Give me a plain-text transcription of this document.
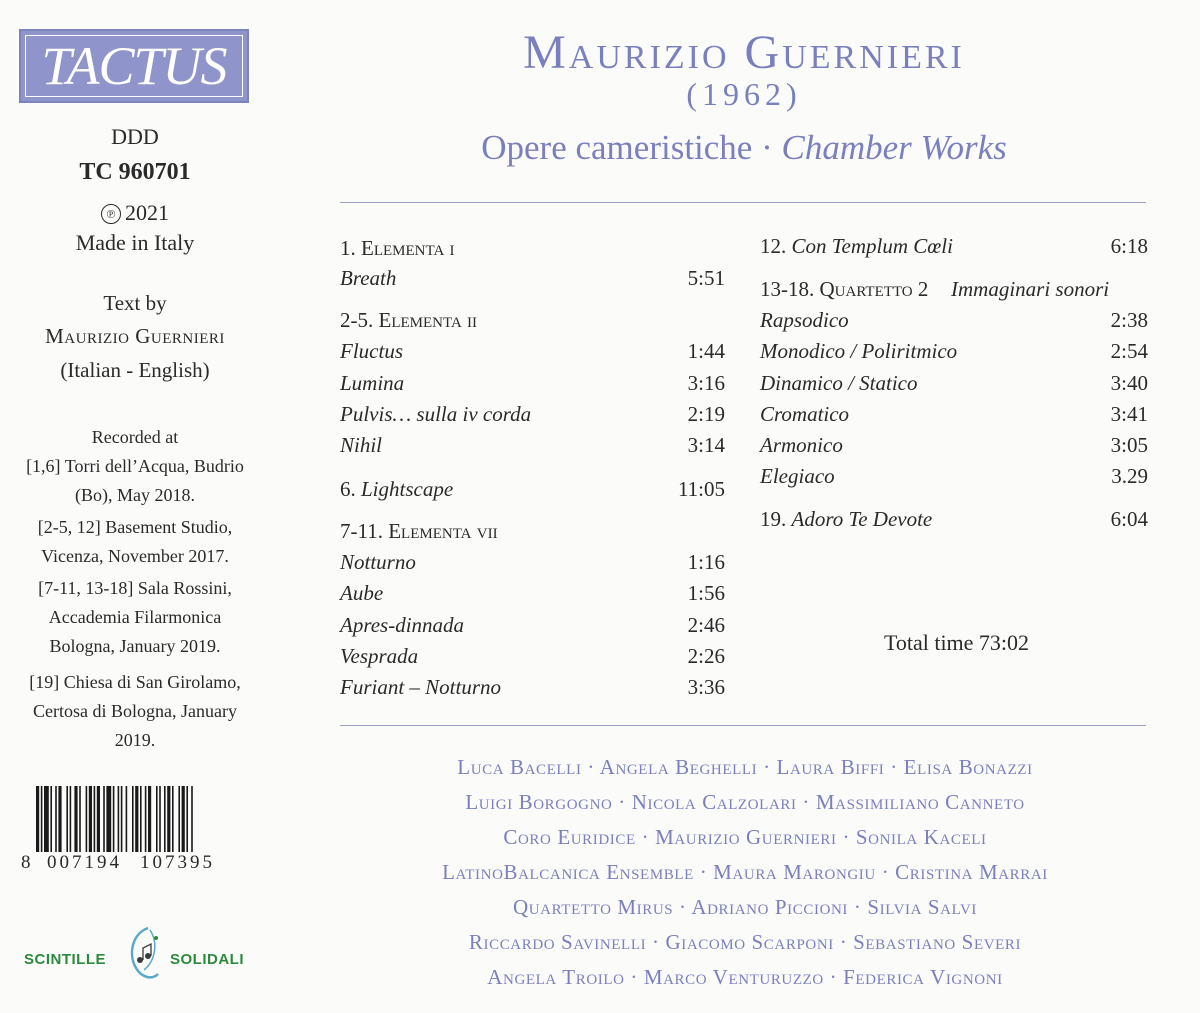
TACTUS
DDD
TC 960701
℗ 2021
Made in Italy
Text by
Maurizio Guernieri
(Italian - English)
Recorded at
[1,6] Torri dell’Acqua, Budrio (Bo), May 2018.
[2-5, 12] Basement Studio, Vicenza, November 2017.
[7-11, 13-18] Sala Rossini, Accademia Filarmonica Bologna, January 2019.
[19] Chiesa di San Girolamo, Certosa di Bologna, January 2019.
8 007194 107395
SCINTILLE	SOLIDALI
Maurizio Guernieri
(1962)
Opere cameristiche · Chamber Works
1. Elementa i
Breath	5:51
2-5. Elementa ii
Fluctus	1:44
Lumina	3:16
Pulvis… sulla iv corda	2:19
Nihil	3:14
6. Lightscape	11:05
7-11. Elementa vii
Notturno	1:16
Aube	1:56
Apres-dinnada	2:46
Vesprada	2:26
Furiant – Notturno	3:36
12. Con Templum Cœli	6:18
13-18. Quartetto 2 Immaginari sonori
Rapsodico	2:38
Monodico / Poliritmico	2:54
Dinamico / Statico	3:40
Cromatico	3:41
Armonico	3:05
Elegiaco	3.29
19. Adoro Te Devote	6:04
Total time 73:02
Luca Bacelli · Angela Beghelli · Laura Biffi · Elisa Bonazzi
Luigi Borgogno · Nicola Calzolari · Massimiliano Canneto
Coro Euridice · Maurizio Guernieri · Sonila Kaceli
LatinoBalcanica Ensemble · Maura Marongiu · Cristina Marrai
Quartetto Mirus · Adriano Piccioni · Silvia Salvi
Riccardo Savinelli · Giacomo Scarponi · Sebastiano Severi
Angela Troilo · Marco Venturuzzo · Federica Vignoni
